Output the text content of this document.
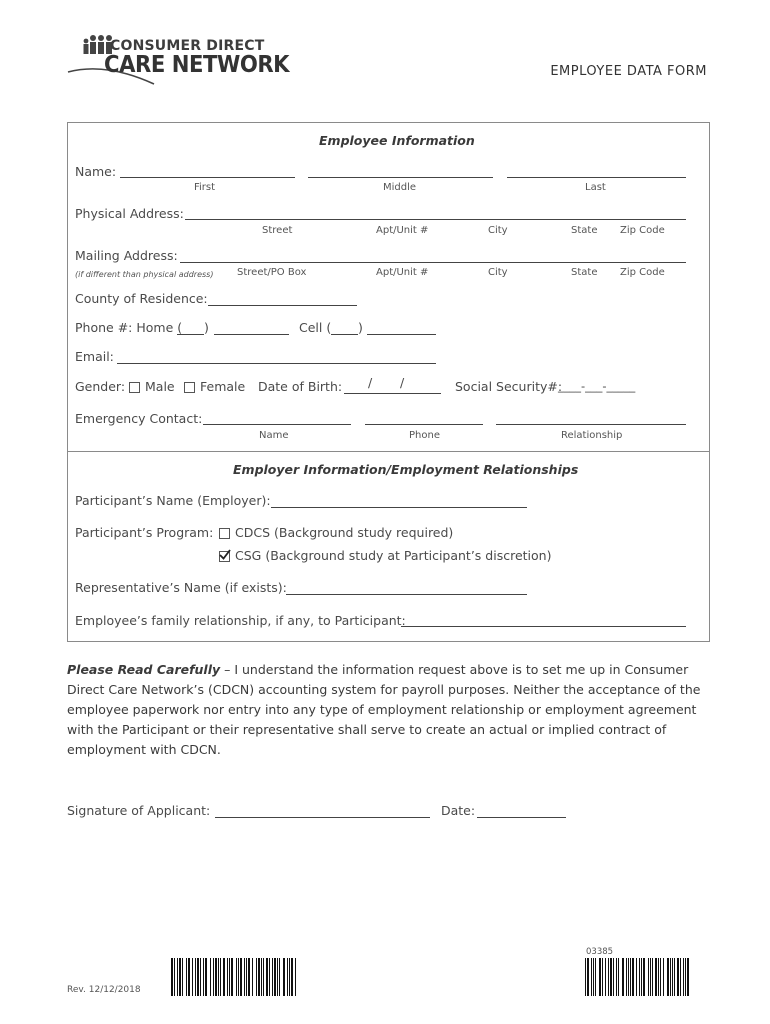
CONSUMER DIRECT
CARE NETWORK	EMPLOYEE DATA FORM
Employee Information
Name:
First	Middle	Last
Physical Address:
Street	Apt/Unit #	City	State Zip Code
Mailing Address:
(if different than physical address) Street/PO Box	Apt/Unit #	City	State Zip Code
County of Residence:
Phone #: Home ( )	Cell ( )
Email:
Gender: Male Female Date of Birth: / /	Social Security#:
____-___-_____
Emergency Contact:
Name	Phone	Relationship
Employer Information/Employment Relationships
Participant’s Name (Employer):
Participant’s Program: CDCS (Background study required)
CSG (Background study at Participant’s discretion)
Representative’s Name (if exists):
Employee’s family relationship, if any, to Participant:
Please Read Carefully – I understand the information request above is to set me up in Consumer Direct Care Network’s (CDCN) accounting system for payroll purposes. Neither the acceptance of the employee paperwork nor entry into any type of employment relationship or employment agreement with the Participant or their representative shall serve to create an actual or implied contract of employment with CDCN.
Signature of Applicant:	Date:
Rev. 12/12/2018
03385
